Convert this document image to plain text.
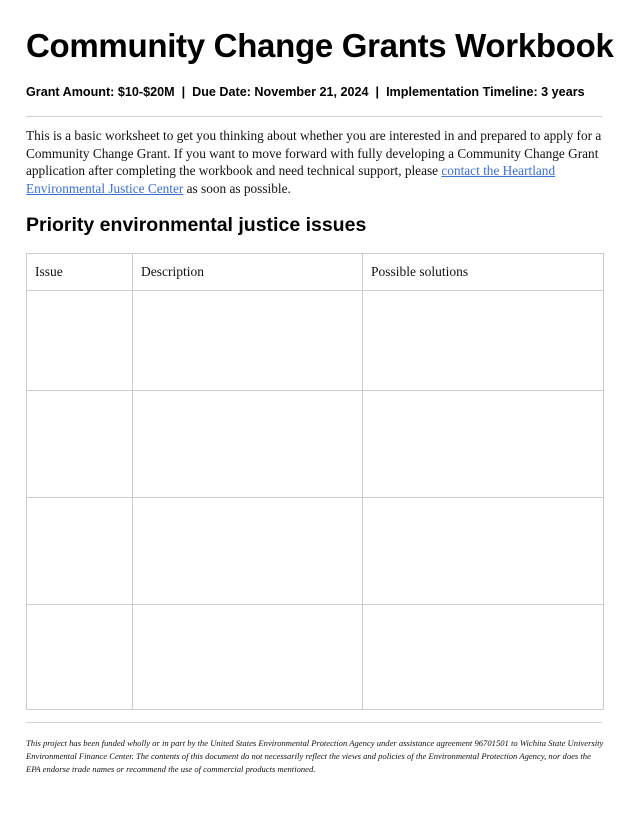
Community Change Grants Workbook
Grant Amount: $10-$20M | Due Date: November 21, 2024 | Implementation Timeline: 3 years

This is a basic worksheet to get you thinking about whether you are interested in and prepared to apply for a Community Change Grant. If you want to move forward with fully developing a Community Change Grant application after completing the workbook and need technical support, please contact the Heartland Environmental Justice Center as soon as possible.

Priority environmental justice issues
Issue	Description	Possible solutions

This project has been funded wholly or in part by the United States Environmental Protection Agency under assistance agreement 96701501 to Wichita State University Environmental Finance Center. The contents of this document do not necessarily reflect the views and policies of the Environmental Protection Agency, nor does the EPA endorse trade names or recommend the use of commercial products mentioned.
